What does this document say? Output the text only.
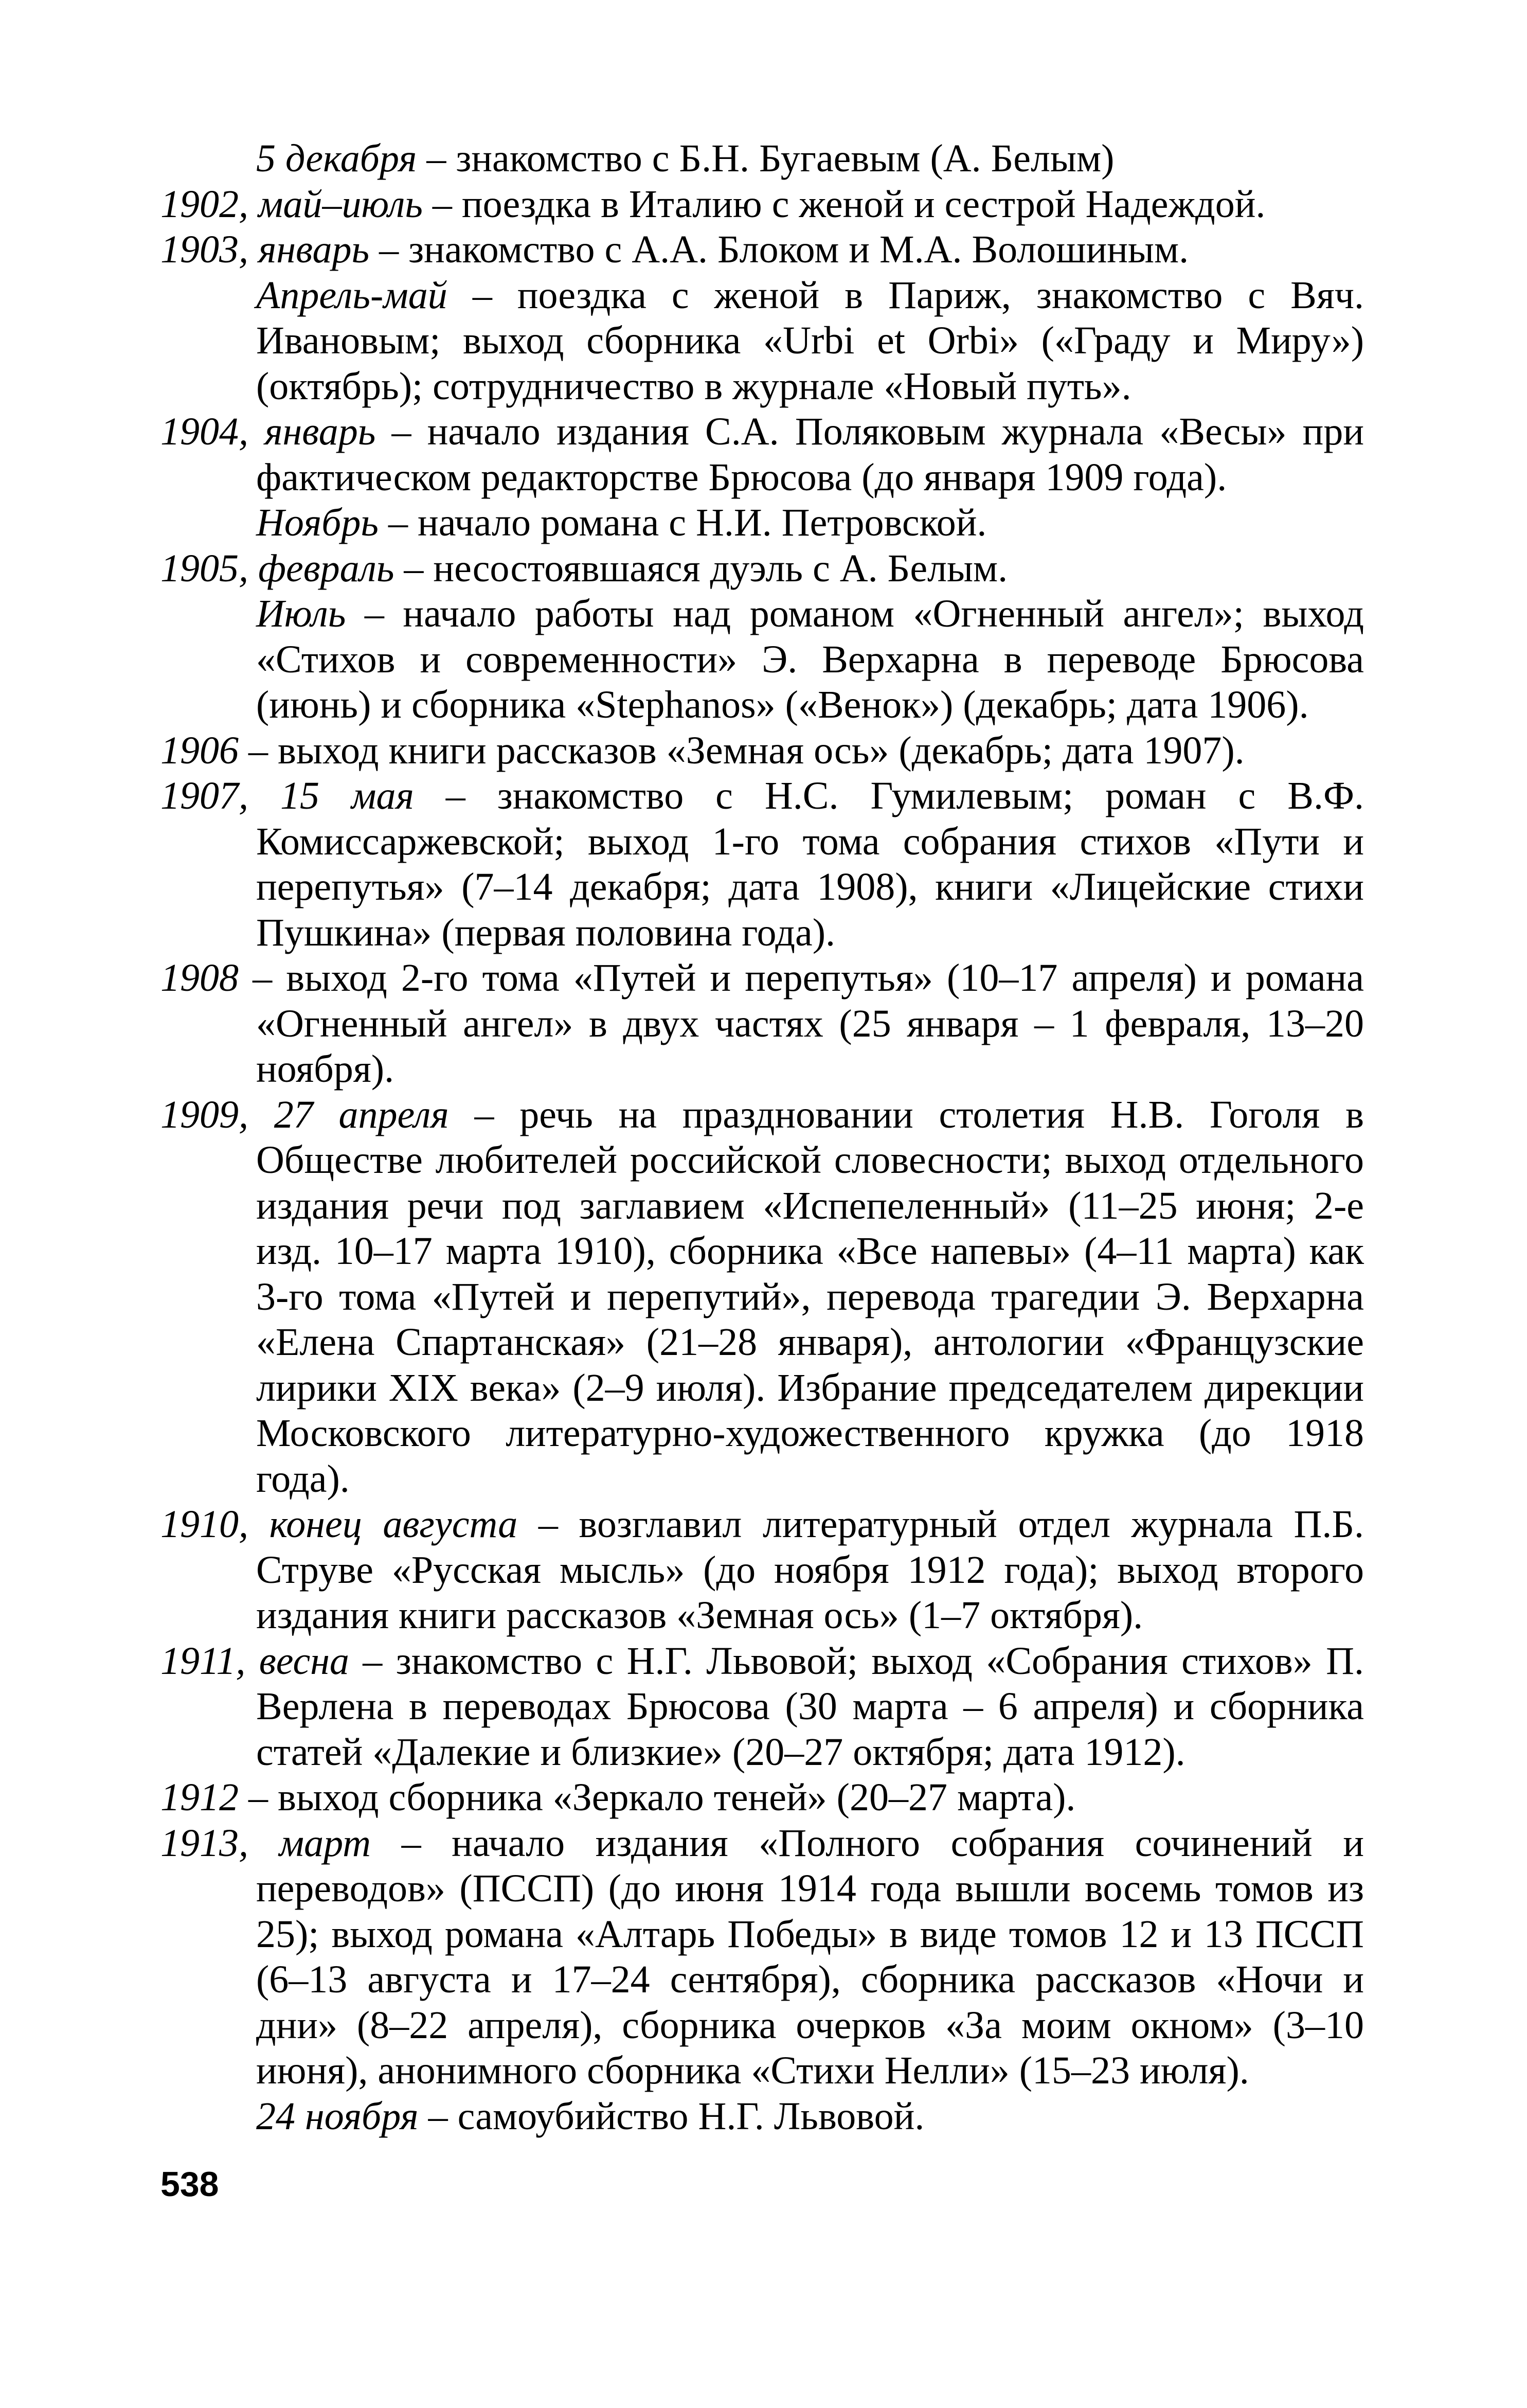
5 декабря – знакомство с Б.Н. Бугаевым (А. Белым)

1902, май–июль – поездка в Италию с женой и сестрой Надеждой.

1903, январь – знакомство с А.А. Блоком и М.А. Волошиным.

Апрель-май – поездка с женой в Париж, знакомство с Вяч. Ивановым; выход сборника «Urbi et Orbi» («Граду и Миру») (октябрь); сотрудничество в журнале «Новый путь».

1904, январь – начало издания С.А. Поляковым журнала «Весы» при фактическом редакторстве Брюсова (до января 1909 года).

Ноябрь – начало романа с Н.И. Петровской.

1905, февраль – несостоявшаяся дуэль с А. Белым.

Июль – начало работы над романом «Огненный ангел»; выход «Стихов и современности» Э. Верхарна в переводе Брюсова (июнь) и сборника «Stephanos» («Венок») (декабрь; дата 1906).

1906 – выход книги рассказов «Земная ось» (декабрь; дата 1907).

1907, 15 мая – знакомство с Н.С. Гумилевым; роман с В.Ф. Комиссаржевской; выход 1-го тома собрания стихов «Пути и перепутья» (7–14 декабря; дата 1908), книги «Лицейские стихи Пушкина» (первая половина года).

1908 – выход 2-го тома «Путей и перепутья» (10–17 апреля) и романа «Огненный ангел» в двух частях (25 января – 1 февраля, 13–20 ноября).

1909, 27 апреля – речь на праздновании столетия Н.В. Гоголя в Обществе любителей российской словесности; выход отдельного издания речи под заглавием «Испепеленный» (11–25 июня; 2-е изд. 10–17 марта 1910), сборника «Все напевы» (4–11 марта) как 3-го тома «Путей и перепутий», перевода трагедии Э. Верхарна «Елена Спартанская» (21–28 января), антологии «Французские лирики XIX века» (2–9 июля). Избрание председателем дирекции Московского литературно-художественного кружка (до 1918 года).

1910, конец августа – возглавил литературный отдел журнала П.Б. Струве «Русская мысль» (до ноября 1912 года); выход второго издания книги рассказов «Земная ось» (1–7 октября).

1911, весна – знакомство с Н.Г. Львовой; выход «Собрания стихов» П. Верлена в переводах Брюсова (30 марта – 6 апреля) и сборника статей «Далекие и близкие» (20–27 октября; дата 1912).

1912 – выход сборника «Зеркало теней» (20–27 марта).

1913, март – начало издания «Полного собрания сочинений и переводов» (ПССП) (до июня 1914 года вышли восемь томов из 25); выход романа «Алтарь Победы» в виде томов 12 и 13 ПССП (6–13 августа и 17–24 сентября), сборника рассказов «Ночи и дни» (8–22 апреля), сборника очерков «За моим окном» (3–10 июня), анонимного сборника «Стихи Нелли» (15–23 июля).

24 ноября – самоубийство Н.Г. Львовой.

538
